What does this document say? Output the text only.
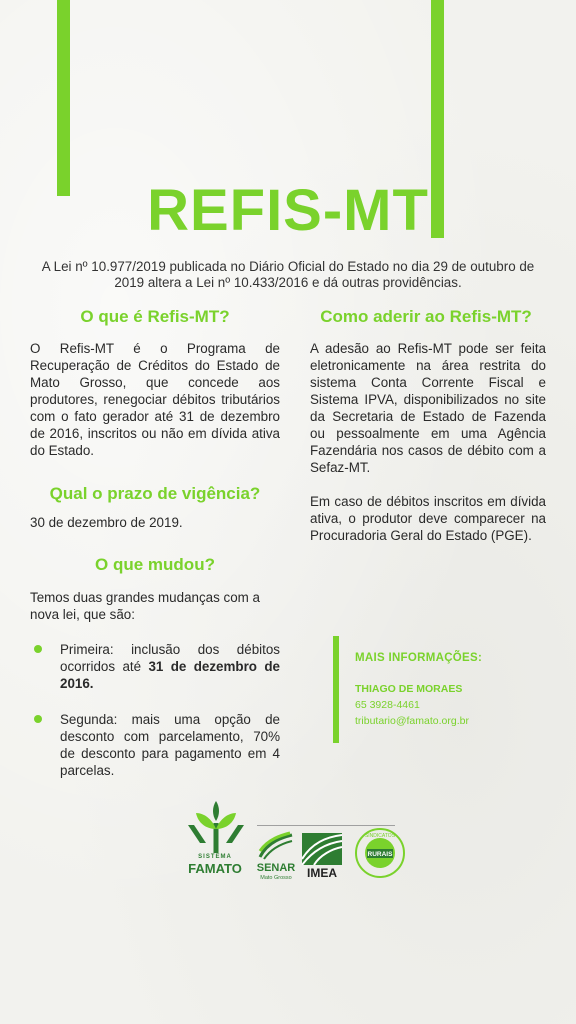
REFIS-MT
A Lei nº 10.977/2019 publicada no Diário Oficial do Estado no dia 29 de outubro de 2019 altera a Lei nº 10.433/2016 e dá outras providências.
O que é Refis-MT?
O Refis-MT é o Programa de Recuperação de Créditos do Estado de Mato Grosso, que concede aos produtores, renegociar débitos tributários com o fato gerador até 31 de dezembro de 2016, inscritos ou não em dívida ativa do Estado.
Qual o prazo de vigência?
30 de dezembro de 2019.
O que mudou?
Temos duas grandes mudanças com a nova lei, que são:
Primeira: inclusão dos débitos ocorridos até 31 de dezembro de 2016.
Segunda: mais uma opção de desconto com parcelamento, 70% de desconto para pagamento em 4 parcelas.
Como aderir ao Refis-MT?
A adesão ao Refis-MT pode ser feita eletronicamente na área restrita do sistema Conta Corrente Fiscal e Sistema IPVA, disponibilizados no site da Secretaria de Estado de Fazenda ou pessoalmente em uma Agência Fazendária nos casos de débito com a Sefaz-MT.
Em caso de débitos inscritos em dívida ativa, o produtor deve comparecer na Procuradoria Geral do Estado (PGE).
MAIS INFORMAÇÕES:
THIAGO DE MORAES
65 3928-4461
tributario@famato.org.br
SISTEMA
FAMATO	SENAR
Mato Grosso	IMEA
RURAIS
SINDICATOS
